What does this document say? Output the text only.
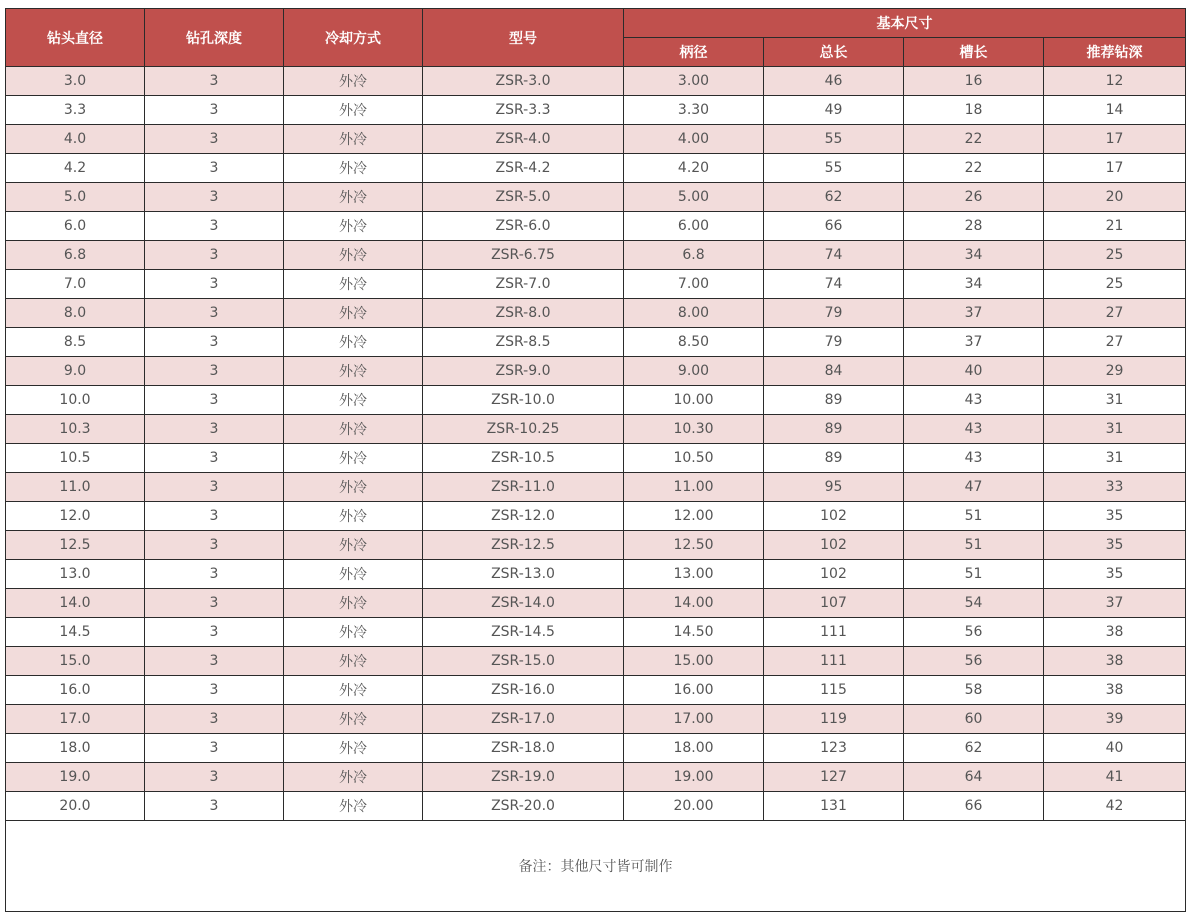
钻头直径	钻孔深度	冷却方式	型号	基本尺寸			
				柄径	总长	槽长	推荐钻深
3.0	3	外冷	ZSR-3.0	3.00	46	16	12
3.3	3	外冷	ZSR-3.3	3.30	49	18	14
4.0	3	外冷	ZSR-4.0	4.00	55	22	17
4.2	3	外冷	ZSR-4.2	4.20	55	22	17
5.0	3	外冷	ZSR-5.0	5.00	62	26	20
6.0	3	外冷	ZSR-6.0	6.00	66	28	21
6.8	3	外冷	ZSR-6.75	6.8	74	34	25
7.0	3	外冷	ZSR-7.0	7.00	74	34	25
8.0	3	外冷	ZSR-8.0	8.00	79	37	27
8.5	3	外冷	ZSR-8.5	8.50	79	37	27
9.0	3	外冷	ZSR-9.0	9.00	84	40	29
10.0	3	外冷	ZSR-10.0	10.00	89	43	31
10.3	3	外冷	ZSR-10.25	10.30	89	43	31
10.5	3	外冷	ZSR-10.5	10.50	89	43	31
11.0	3	外冷	ZSR-11.0	11.00	95	47	33
12.0	3	外冷	ZSR-12.0	12.00	102	51	35
12.5	3	外冷	ZSR-12.5	12.50	102	51	35
13.0	3	外冷	ZSR-13.0	13.00	102	51	35
14.0	3	外冷	ZSR-14.0	14.00	107	54	37
14.5	3	外冷	ZSR-14.5	14.50	111	56	38
15.0	3	外冷	ZSR-15.0	15.00	111	56	38
16.0	3	外冷	ZSR-16.0	16.00	115	58	38
17.0	3	外冷	ZSR-17.0	17.00	119	60	39
18.0	3	外冷	ZSR-18.0	18.00	123	62	40
19.0	3	外冷	ZSR-19.0	19.00	127	64	41
20.0	3	外冷	ZSR-20.0	20.00	131	66	42
备注：其他尺寸皆可制作							
